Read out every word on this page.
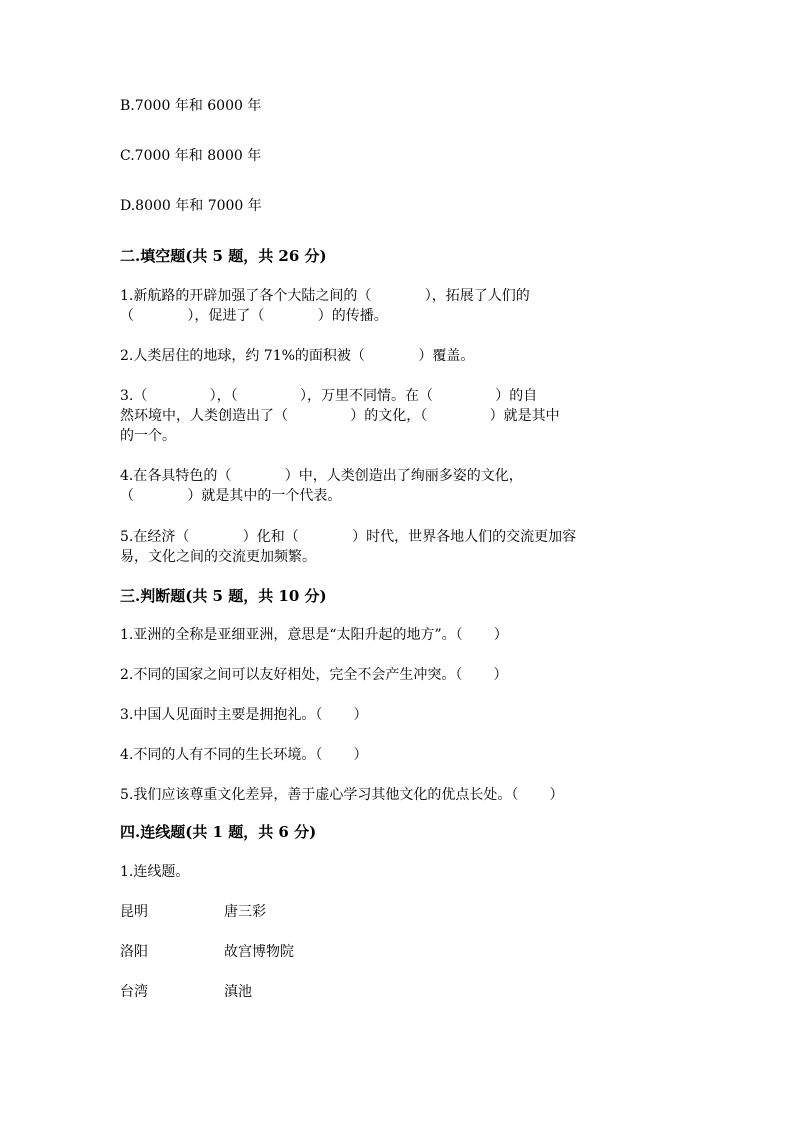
B.7000 年和 6000 年
C.7000 年和 8000 年
D.8000 年和 7000 年
二.填空题(共 5 题，共 26 分)
1.新航路的开辟加强了各个大陆之间的（            ），拓展了人们的
（            ），促进了（            ）的传播。
2.人类居住的地球，约 71%的面积被（            ）覆盖。
3.（              ），（              ），万里不同情。在（              ）的自
然环境中，人类创造出了（              ）的文化，（              ）就是其中
的一个。
4.在各具特色的（            ）中，人类创造出了绚丽多姿的文化，
（            ）就是其中的一个代表。
5.在经济（            ）化和（            ）时代，世界各地人们的交流更加容
易，文化之间的交流更加频繁。
三.判断题(共 5 题，共 10 分)
1.亚洲的全称是亚细亚洲，意思是“太阳升起的地方”。（       ）
2.不同的国家之间可以友好相处，完全不会产生冲突。（       ）
3.中国人见面时主要是拥抱礼。（       ）
4.不同的人有不同的生长环境。（       ）
5.我们应该尊重文化差异，善于虚心学习其他文化的优点长处。（       ）
四.连线题(共 1 题，共 6 分)
1.连线题。
昆明	唐三彩
洛阳	故宫博物院
台湾	滇池
